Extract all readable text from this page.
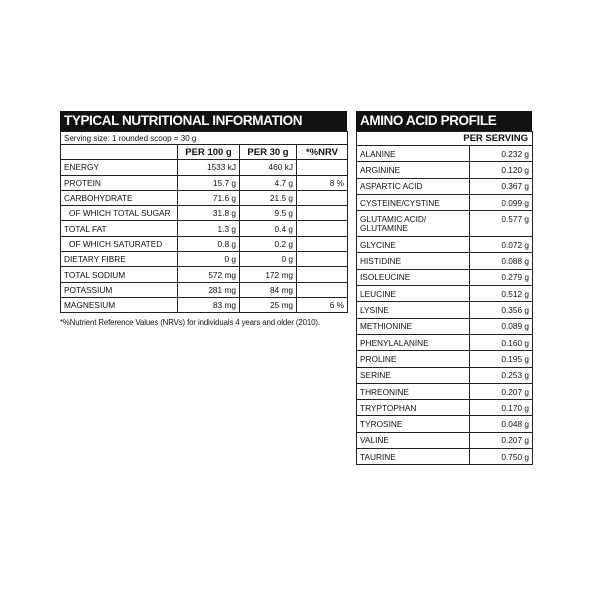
TYPICAL NUTRITIONAL INFORMATION
Serving size: 1 rounded scoop = 30 g			
	PER 100 g	PER 30 g	*%NRV
ENERGY	1533 kJ	460 kJ	
PROTEIN	15.7 g	4.7 g	8 %
CARBOHYDRATE	71.6 g	21.5 g	
OF WHICH TOTAL SUGAR	31.8 g	9.5 g	
TOTAL FAT	1.3 g	0.4 g	
OF WHICH SATURATED	0.8 g	0.2 g	
DIETARY FIBRE	0 g	0 g	
TOTAL SODIUM	572 mg	172 mg	
POTASSIUM	281 mg	84 mg	
MAGNESIUM	83 mg	25 mg	6 %
*%Nutrient Reference Values (NRVs) for individuals 4 years and older (2010).
AMINO ACID PROFILE
PER SERVING	
ALANINE	0.232 g
ARGININE	0.120 g
ASPARTIC ACID	0.367 g
CYSTEINE/CYSTINE	0.099 g
GLUTAMIC ACID/ GLUTAMINE	0.577 g
GLYCINE	0.072 g
HISTIDINE	0.088 g
ISOLEUCINE	0.279 g
LEUCINE	0.512 g
LYSINE	0.356 g
METHIONINE	0.089 g
PHENYLALANINE	0.160 g
PROLINE	0.195 g
SERINE	0.253 g
THREONINE	0.207 g
TRYPTOPHAN	0.170 g
TYROSINE	0.048 g
VALINE	0.207 g
TAURINE	0.750 g
